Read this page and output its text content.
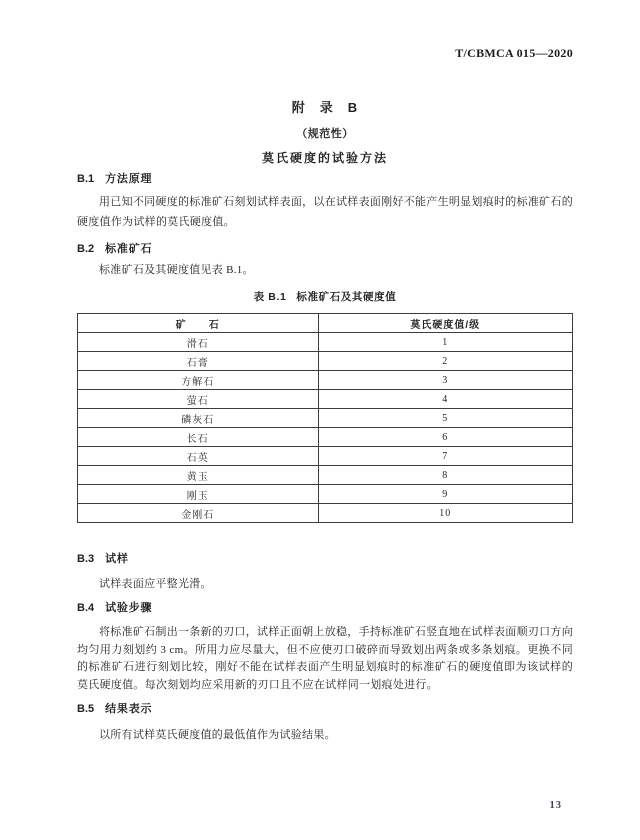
T/CBMCA 015—2020
附　录　B
（规范性）
莫氏硬度的试验方法
B.1 方法原理

用已知不同硬度的标准矿石刻划试样表面，以在试样表面刚好不能产生明显划痕时的标准矿石的硬度值作为试样的莫氏硬度值。

B.2 标准矿石

标准矿石及其硬度值见表 B.1。

表 B.1 标准矿石及其硬度值
矿　　石	莫氏硬度值/级
滑石	1
石膏	2
方解石	3
萤石	4
磷灰石	5
长石	6
石英	7
黄玉	8
刚玉	9
金刚石	10
B.3 试样

试样表面应平整光滑。

B.4 试验步骤

将标准矿石制出一条新的刃口，试样正面朝上放稳，手持标准矿石竖直地在试样表面顺刃口方向均匀用力刻划约 3 cm。所用力应尽量大，但不应使刃口破碎而导致划出两条或多条划痕。更换不同的标准矿石进行刻划比较，刚好不能在试样表面产生明显划痕时的标准矿石的硬度值即为该试样的莫氏硬度值。每次刻划均应采用新的刃口且不应在试样同一划痕处进行。

B.5 结果表示

以所有试样莫氏硬度值的最低值作为试验结果。

13
